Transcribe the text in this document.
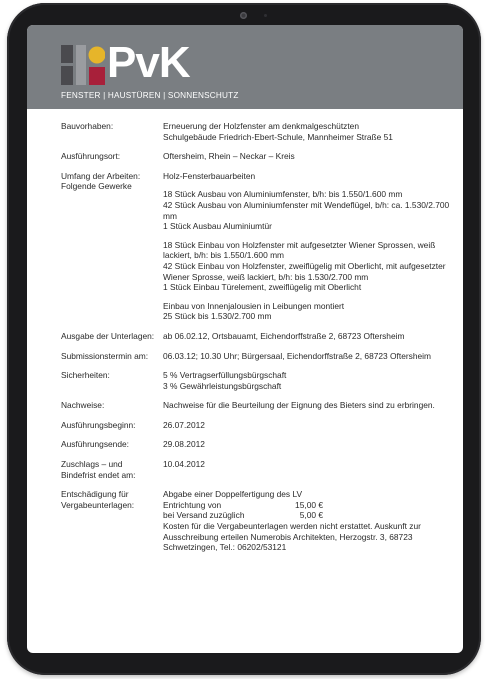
PvK
FENSTER | HAUSTÜREN | SONNENSCHUTZ
Bauvorhaben:	Erneuerung der Holzfenster am denkmalgeschützten
Schulgebäude Friedrich-Ebert-Schule, Mannheimer Straße 51
Ausführungsort:	Oftersheim, Rhein – Neckar – Kreis
Umfang der Arbeiten: Folgende Gewerke
Holz-Fensterbauarbeiten
18 Stück Ausbau von Aluminiumfenster, b/h: bis 1.550/1.600 mm
42 Stück Ausbau von Aluminiumfenster mit Wendeflügel, b/h: ca. 1.530/2.700 mm
1 Stück Ausbau Aluminiumtür
18 Stück Einbau von Holzfenster mit aufgesetzter Wiener Sprossen, weiß lackiert, b/h: bis 1.550/1.600 mm
42 Stück Einbau von Holzfenster, zweiflügelig mit Oberlicht, mit aufgesetzter Wiener Sprosse, weiß lackiert, b/h: bis 1.530/2.700 mm
1 Stück Einbau Türelement, zweiflügelig mit Oberlicht
Einbau von Innenjalousien in Leibungen montiert
25 Stück bis 1.530/2.700 mm
Ausgabe der Unterlagen:	ab 06.02.12, Ortsbauamt, Eichendorffstraße 2, 68723 Oftersheim
Submissionstermin am:	06.03.12; 10.30 Uhr; Bürgersaal, Eichendorffstraße 2, 68723 Oftersheim
Sicherheiten:	5 % Vertragserfüllungsbürgschaft
3 % Gewährleistungsbürgschaft
Nachweise:	Nachweise für die Beurteilung der Eignung des Bieters sind zu erbringen.
Ausführungsbeginn:	26.07.2012
Ausführungsende:	29.08.2012
Zuschlags – und Bindefrist endet am:
10.04.2012
Entschädigung für Vergabeunterlagen:
Abgabe einer Doppelfertigung des LV
Entrichtung von	15,00 €
bei Versand zuzüglich	5,00 €
Kosten für die Vergabeunterlagen werden nicht erstattet. Auskunft zur Ausschreibung erteilen Numerobis Architekten, Herzogstr. 3, 68723 Schwetzingen, Tel.: 06202/53121
